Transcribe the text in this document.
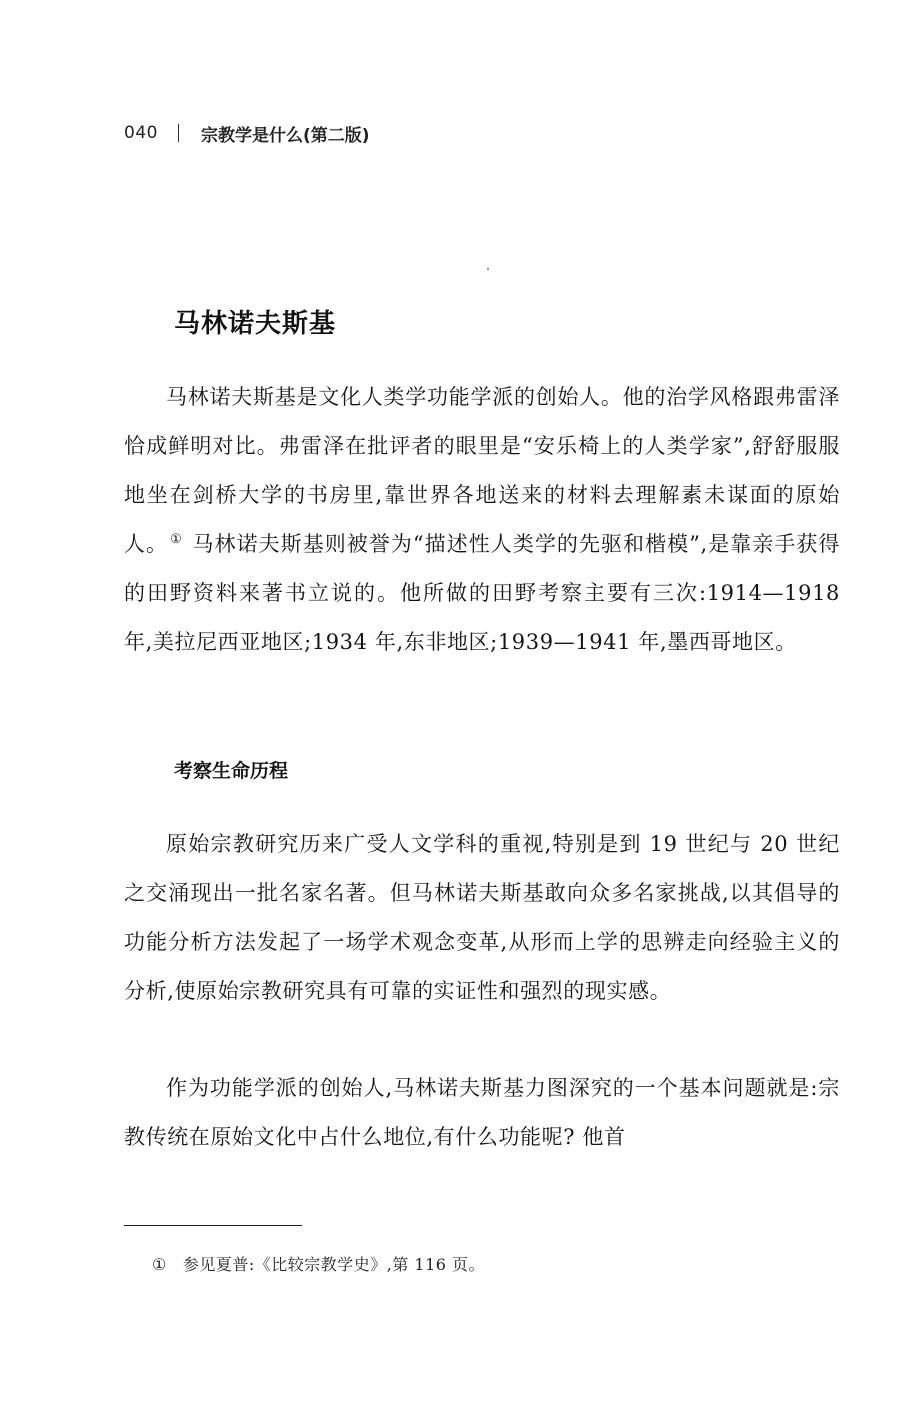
040	宗教学是什么(第二版)
马林诺夫斯基

马林诺夫斯基是文化人类学功能学派的创始人。他的治学风格跟弗雷泽恰成鲜明对比。弗雷泽在批评者的眼里是“安乐椅上的人类学家”,舒舒服服地坐在剑桥大学的书房里,靠世界各地送来的材料去理解素未谋面的原始人。 ① 马林诺夫斯基则被誉为“描述性人类学的先驱和楷模”,是靠亲手获得的田野资料来著书立说的。他所做的田野考察主要有三次:1914—1918 年,美拉尼西亚地区;1934 年,东非地区;1939—1941 年,墨西哥地区。

考察生命历程

原始宗教研究历来广受人文学科的重视,特别是到 19 世纪与 20 世纪之交涌现出一批名家名著。但马林诺夫斯基敢向众多名家挑战,以其倡导的功能分析方法发起了一场学术观念变革,从形而上学的思辨走向经验主义的分析,使原始宗教研究具有可靠的实证性和强烈的现实感。

作为功能学派的创始人,马林诺夫斯基力图深究的一个基本问题就是:宗教传统在原始文化中占什么地位,有什么功能呢? 他首

① 参见夏普:《比较宗教学史》,第 116 页。
